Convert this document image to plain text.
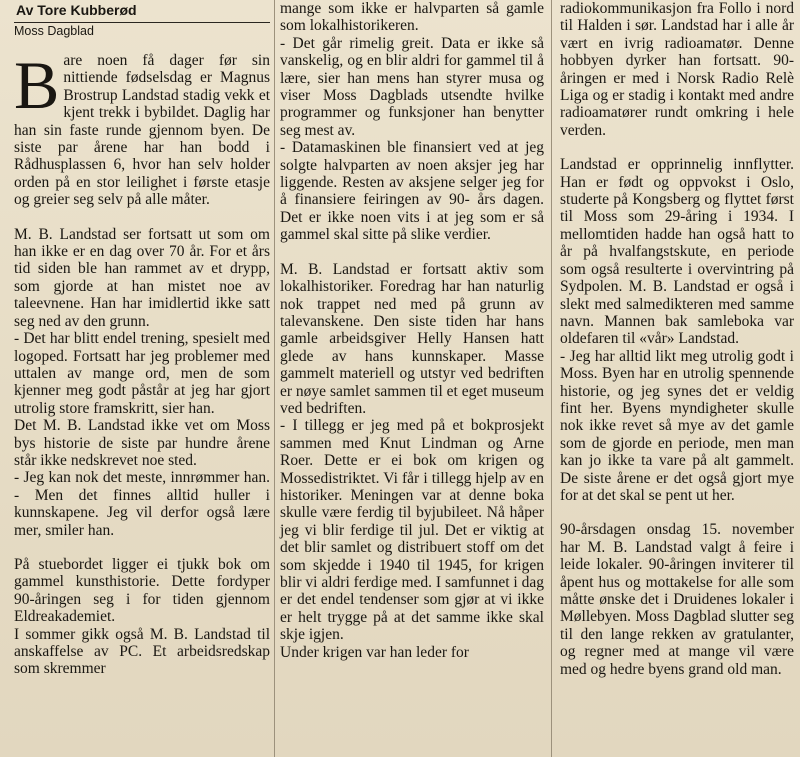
Av Tore Kubberød
Moss Dagblad

Bare noen få dager før sin nittiende fødselsdag er Magnus Brostrup Landstad stadig vekk et kjent trekk i bybildet. Daglig har han sin faste runde gjennom byen. De siste par årene har han bodd i Rådhusplassen 6, hvor han selv holder orden på en stor leilighet i første etasje og greier seg selv på alle måter.

M. B. Landstad ser fortsatt ut som om han ikke er en dag over 70 år. For et års tid siden ble han rammet av et drypp, som gjorde at han mistet noe av taleevnene. Han har imidlertid ikke satt seg ned av den grunn.

- Det har blitt endel trening, spesielt med logoped. Fortsatt har jeg problemer med uttalen av mange ord, men de som kjenner meg godt påstår at jeg har gjort utrolig store framskritt, sier han.

Det M. B. Landstad ikke vet om Moss bys historie de siste par hundre årene står ikke nedskrevet noe sted.

- Jeg kan nok det meste, innrømmer han. - Men det finnes alltid huller i kunnskapene. Jeg vil derfor også lære mer, smiler han.

På stuebordet ligger ei tjukk bok om gammel kunsthistorie. Dette fordyper 90-åringen seg i for tiden gjennom Eldreakademiet.

I sommer gikk også M. B. Landstad til anskaffelse av PC. Et arbeidsredskap som skremmer

mange som ikke er halvparten så gamle som lokalhistorikeren.

- Det går rimelig greit. Data er ikke så vanskelig, og en blir aldri for gammel til å lære, sier han mens han styrer musa og viser Moss Dagblads utsendte hvilke programmer og funksjoner han benytter seg mest av.

- Datamaskinen ble finansiert ved at jeg solgte halvparten av noen aksjer jeg har liggende. Resten av aksjene selger jeg for å finansiere feiringen av 90- års dagen. Det er ikke noen vits i at jeg som er så gammel skal sitte på slike verdier.

M. B. Landstad er fortsatt aktiv som lokalhistoriker. Foredrag har han naturlig nok trappet ned med på grunn av talevanskene. Den siste tiden har hans gamle arbeidsgiver Helly Hansen hatt glede av hans kunnskaper. Masse gammelt materiell og utstyr ved bedriften er nøye samlet sammen til et eget museum ved bedriften.

- I tillegg er jeg med på et bokprosjekt sammen med Knut Lindman og Arne Roer. Dette er ei bok om krigen og Mossedistriktet. Vi får i tillegg hjelp av en historiker. Meningen var at denne boka skulle være ferdig til byjubileet. Nå håper jeg vi blir ferdige til jul. Det er viktig at det blir samlet og distribuert stoff om det som skjedde i 1940 til 1945, for krigen blir vi aldri ferdige med. I samfunnet i dag er det endel tendenser som gjør at vi ikke er helt trygge på at det samme ikke skal skje igjen.

Under krigen var han leder for

radiokommunikasjon fra Follo i nord til Halden i sør. Landstad har i alle år vært en ivrig radioamatør. Denne hobbyen dyrker han fortsatt. 90- åringen er med i Norsk Radio Relè Liga og er stadig i kontakt med andre radioamatører rundt omkring i hele verden.

Landstad er opprinnelig innflytter. Han er født og oppvokst i Oslo, studerte på Kongsberg og flyttet først til Moss som 29-åring i 1934. I mellomtiden hadde han også hatt to år på hvalfangstskute, en periode som også resulterte i overvintring på Sydpolen. M. B. Landstad er også i slekt med salmedikteren med samme navn. Mannen bak samleboka var oldefaren til «vår» Landstad.

- Jeg har alltid likt meg utrolig godt i Moss. Byen har en utrolig spennende historie, og jeg synes det er veldig fint her. Byens myndigheter skulle nok ikke revet så mye av det gamle som de gjorde en periode, men man kan jo ikke ta vare på alt gammelt. De siste årene er det også gjort mye for at det skal se pent ut her.

90-årsdagen onsdag 15. november har M. B. Landstad valgt å feire i leide lokaler. 90-åringen inviterer til åpent hus og mottakelse for alle som måtte ønske det i Druidenes lokaler i Møllebyen. Moss Dagblad slutter seg til den lange rekken av gratulanter, og regner med at mange vil være med og hedre byens grand old man.
